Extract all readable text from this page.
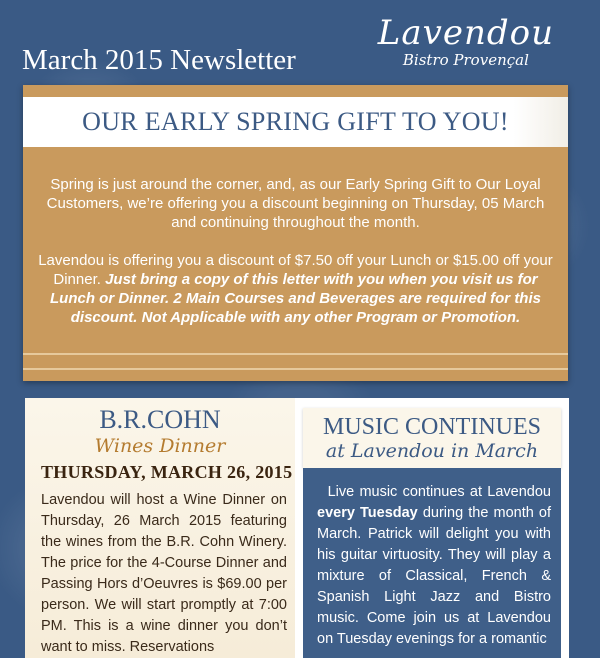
March 2015 Newsletter
Lavendou
Bistro Provençal
OUR EARLY SPRING GIFT TO YOU!

Spring is just around the corner, and, as our Early Spring Gift to Our Loyal Customers, we’re offering you a discount beginning on Thursday, 05 March and continuing throughout the month.

Lavendou is offering you a discount of $7.50 off your Lunch or $15.00 off your Dinner. Just bring a copy of this letter with you when you visit us for Lunch or Dinner. 2 Main Courses and Beverages are required for this discount. Not Applicable with any other Program or Promotion.

B.R.COHN
Wines Dinner
THURSDAY, MARCH 26, 2015
Lavendou will host a Wine Dinner on Thursday, 26 March 2015 featuring the wines from the B.R. Cohn Winery. The price for the 4-Course Dinner and Passing Hors d’Oeuvres is $69.00 per person. We will start promptly at 7:00 PM. This is a wine dinner you don’t want to miss. Reservations
MUSIC CONTINUES
at Lavendou in March
Live music continues at Lavendou every Tuesday during the month of March. Patrick will delight you with his guitar virtuosity. They will play a mixture of Classical, French & Spanish Light Jazz and Bistro music. Come join us at Lavendou on Tuesday evenings for a romantic
